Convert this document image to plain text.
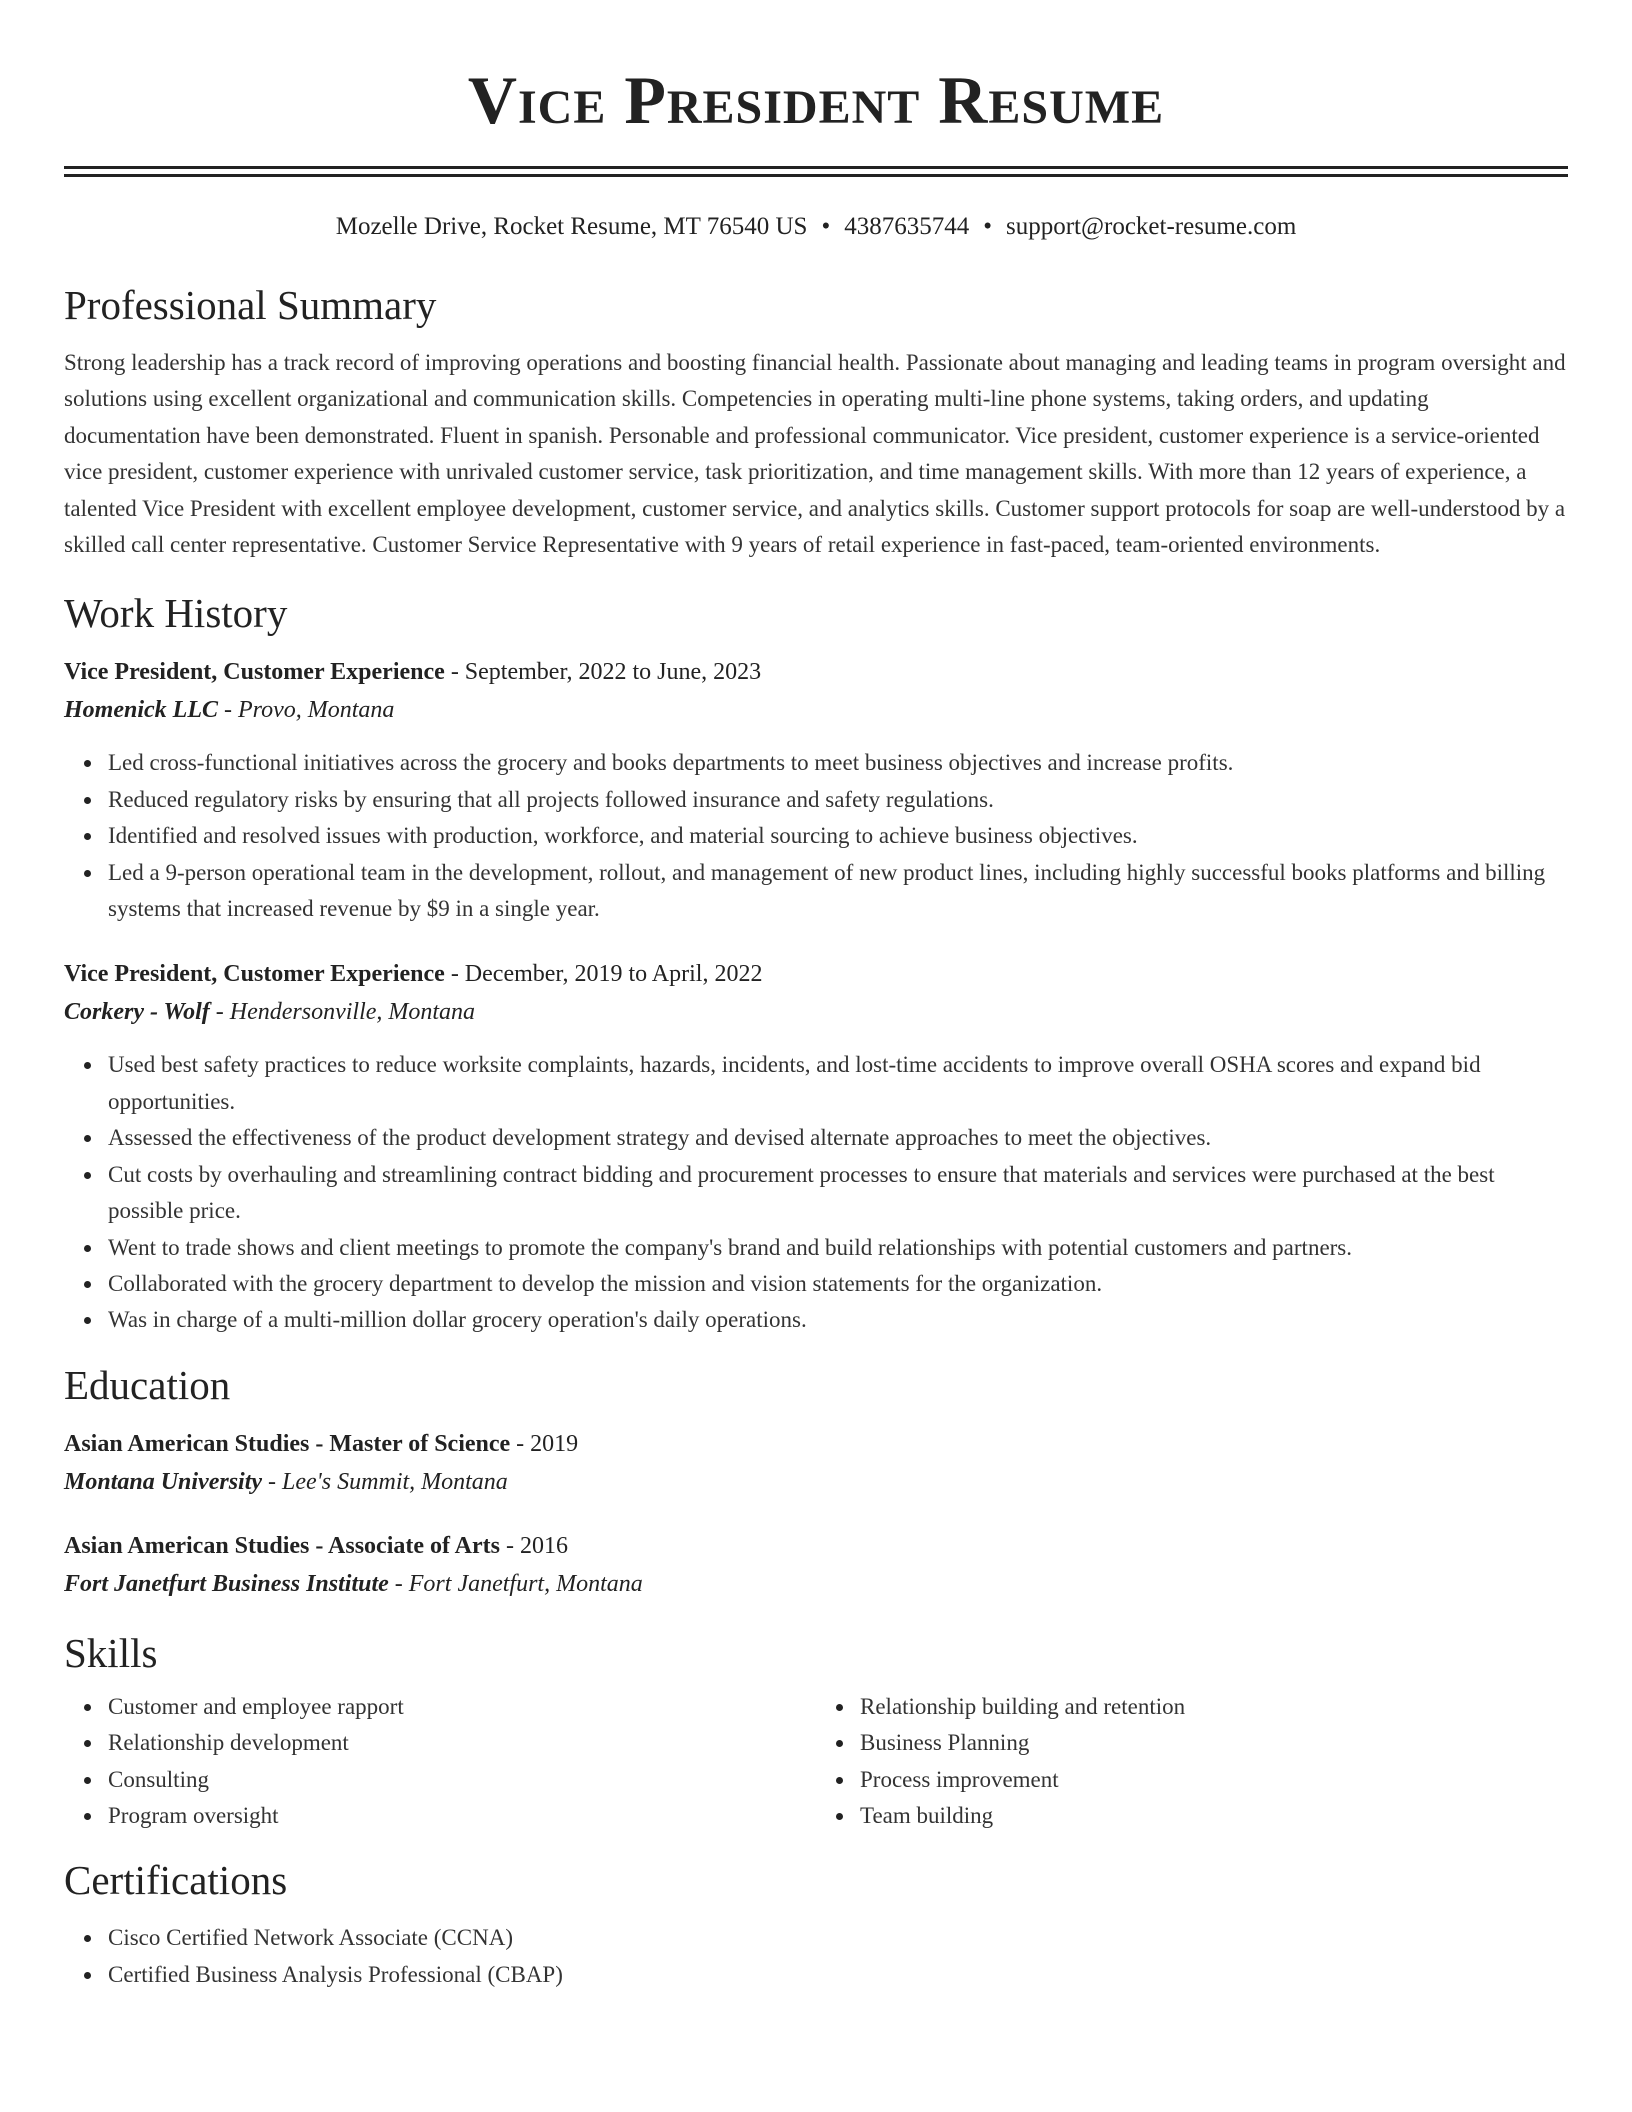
Vice President Resume
Mozelle Drive, Rocket Resume, MT 76540 US • 4387635744 • support@rocket-resume.com
Professional Summary

Strong leadership has a track record of improving operations and boosting financial health. Passionate about managing and leading teams in program oversight and solutions using excellent organizational and communication skills. Competencies in operating multi-line phone systems, taking orders, and updating documentation have been demonstrated. Fluent in spanish. Personable and professional communicator. Vice president, customer experience is a service-oriented vice president, customer experience with unrivaled customer service, task prioritization, and time management skills. With more than 12 years of experience, a talented Vice President with excellent employee development, customer service, and analytics skills. Customer support protocols for soap are well-understood by a skilled call center representative. Customer Service Representative with 9 years of retail experience in fast-paced, team-oriented environments.

Work History

Vice President, Customer Experience - September, 2022 to June, 2023

Homenick LLC - Provo, Montana

Led cross-functional initiatives across the grocery and books departments to meet business objectives and increase profits.
Reduced regulatory risks by ensuring that all projects followed insurance and safety regulations.
Identified and resolved issues with production, workforce, and material sourcing to achieve business objectives.
Led a 9-person operational team in the development, rollout, and management of new product lines, including highly successful books platforms and billing systems that increased revenue by $9 in a single year.

Vice President, Customer Experience - December, 2019 to April, 2022

Corkery - Wolf - Hendersonville, Montana

Used best safety practices to reduce worksite complaints, hazards, incidents, and lost-time accidents to improve overall OSHA scores and expand bid opportunities.
Assessed the effectiveness of the product development strategy and devised alternate approaches to meet the objectives.
Cut costs by overhauling and streamlining contract bidding and procurement processes to ensure that materials and services were purchased at the best possible price.
Went to trade shows and client meetings to promote the company's brand and build relationships with potential customers and partners.
Collaborated with the grocery department to develop the mission and vision statements for the organization.
Was in charge of a multi-million dollar grocery operation's daily operations.
Education

Asian American Studies - Master of Science - 2019

Montana University - Lee's Summit, Montana

Asian American Studies - Associate of Arts - 2016

Fort Janetfurt Business Institute - Fort Janetfurt, Montana

Skills
Customer and employee rapport
Relationship development
Consulting
Program oversight
Relationship building and retention
Business Planning
Process improvement
Team building
Certifications
Cisco Certified Network Associate (CCNA)
Certified Business Analysis Professional (CBAP)
